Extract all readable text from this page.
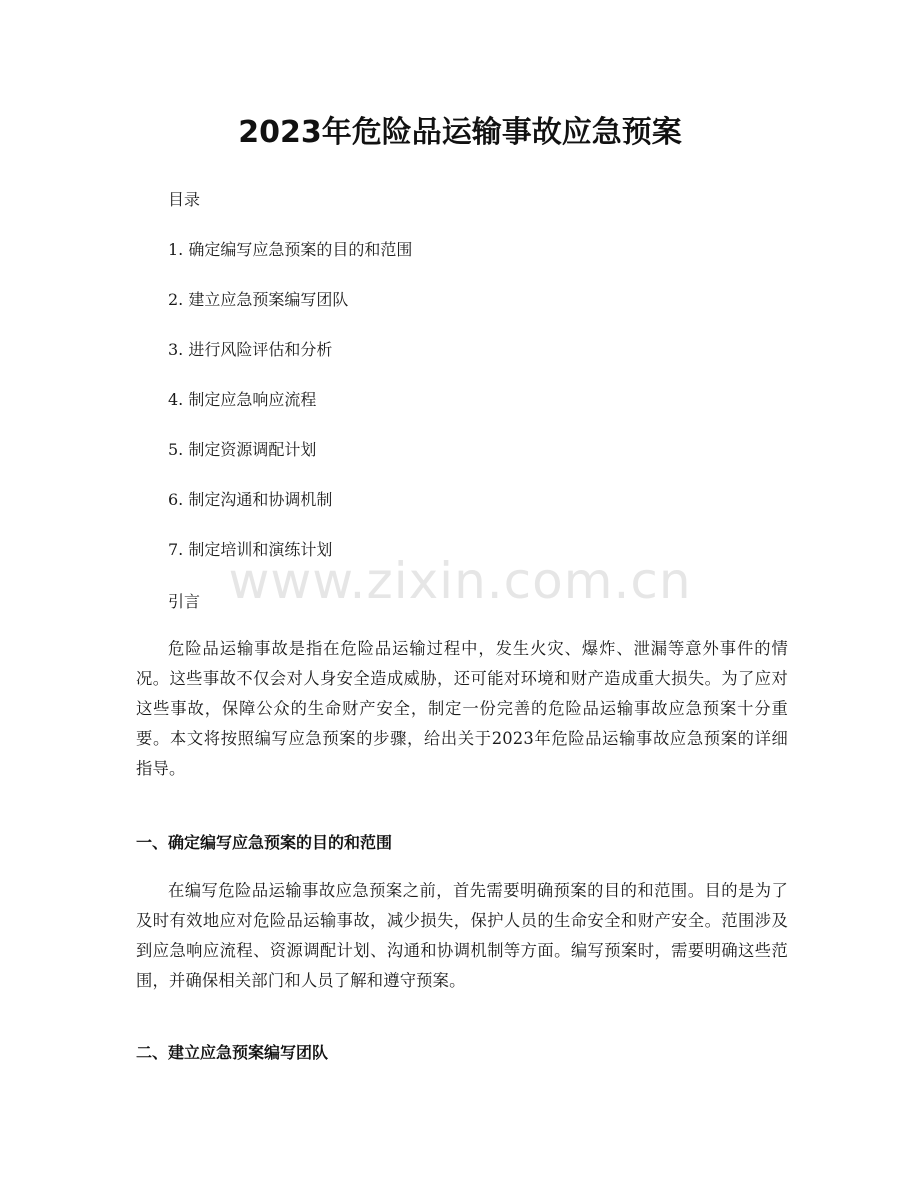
2023年危险品运输事故应急预案

目录

1. 确定编写应急预案的目的和范围

2. 建立应急预案编写团队

3. 进行风险评估和分析

4. 制定应急响应流程

5. 制定资源调配计划

6. 制定沟通和协调机制

7. 制定培训和演练计划

引言

危险品运输事故是指在危险品运输过程中，发生火灾、爆炸、泄漏等意外事件的情况。这些事故不仅会对人身安全造成威胁，还可能对环境和财产造成重大损失。为了应对这些事故，保障公众的生命财产安全，制定一份完善的危险品运输事故应急预案十分重要。本文将按照编写应急预案的步骤，给出关于2023年危险品运输事故应急预案的详细指导。

一、确定编写应急预案的目的和范围

在编写危险品运输事故应急预案之前，首先需要明确预案的目的和范围。目的是为了及时有效地应对危险品运输事故，减少损失，保护人员的生命安全和财产安全。范围涉及到应急响应流程、资源调配计划、沟通和协调机制等方面。编写预案时，需要明确这些范围，并确保相关部门和人员了解和遵守预案。

二、建立应急预案编写团队
www.zixin.com.cn
